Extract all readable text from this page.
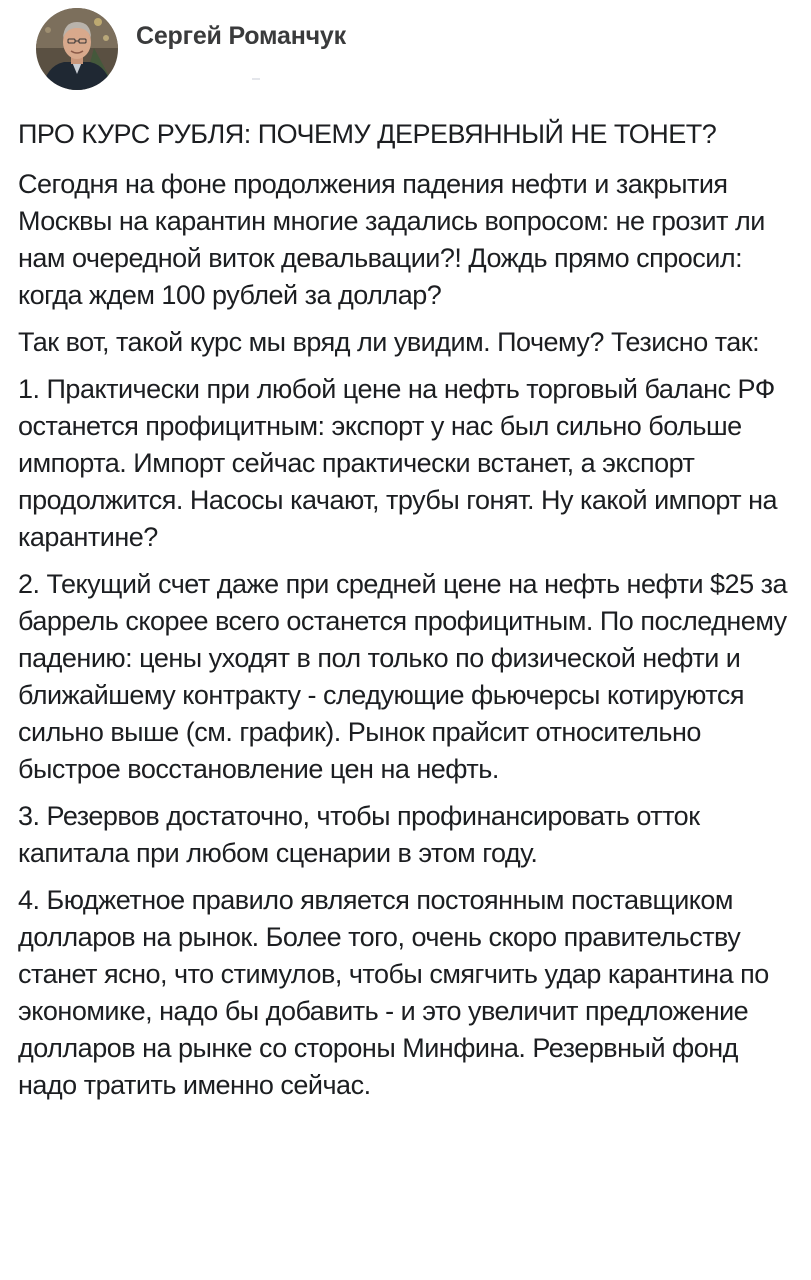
Сергей Романчук
ПРО КУРС РУБЛЯ: ПОЧЕМУ ДЕРЕВЯННЫЙ НЕ ТОНЕТ?

Сегодня на фоне продолжения падения нефти и закрытия Москвы на карантин многие задались вопросом: не грозит ли нам очередной виток девальвации?! Дождь прямо спросил: когда ждем 100 рублей за доллар?

Так вот, такой курс мы вряд ли увидим. Почему? Тезисно так:

1. Практически при любой цене на нефть торговый баланс РФ останется профицитным: экспорт у нас был сильно больше импорта. Импорт сейчас практически встанет, а экспорт продолжится. Насосы качают, трубы гонят. Ну какой импорт на карантине?

2. Текущий счет даже при средней цене на нефть нефти $25 за баррель скорее всего останется профицитным. По последнему падению: цены уходят в пол только по физической нефти и ближайшему контракту - следующие фьючерсы котируются сильно выше (см. график). Рынок прайсит относительно быстрое восстановление цен на нефть.

3. Резервов достаточно, чтобы профинансировать отток капитала при любом сценарии в этом году.

4. Бюджетное правило является постоянным поставщиком долларов на рынок. Более того, очень скоро правительству станет ясно, что стимулов, чтобы смягчить удар карантина по экономике, надо бы добавить - и это увеличит предложение долларов на рынке со стороны Минфина. Резервный фонд надо тратить именно сейчас.
